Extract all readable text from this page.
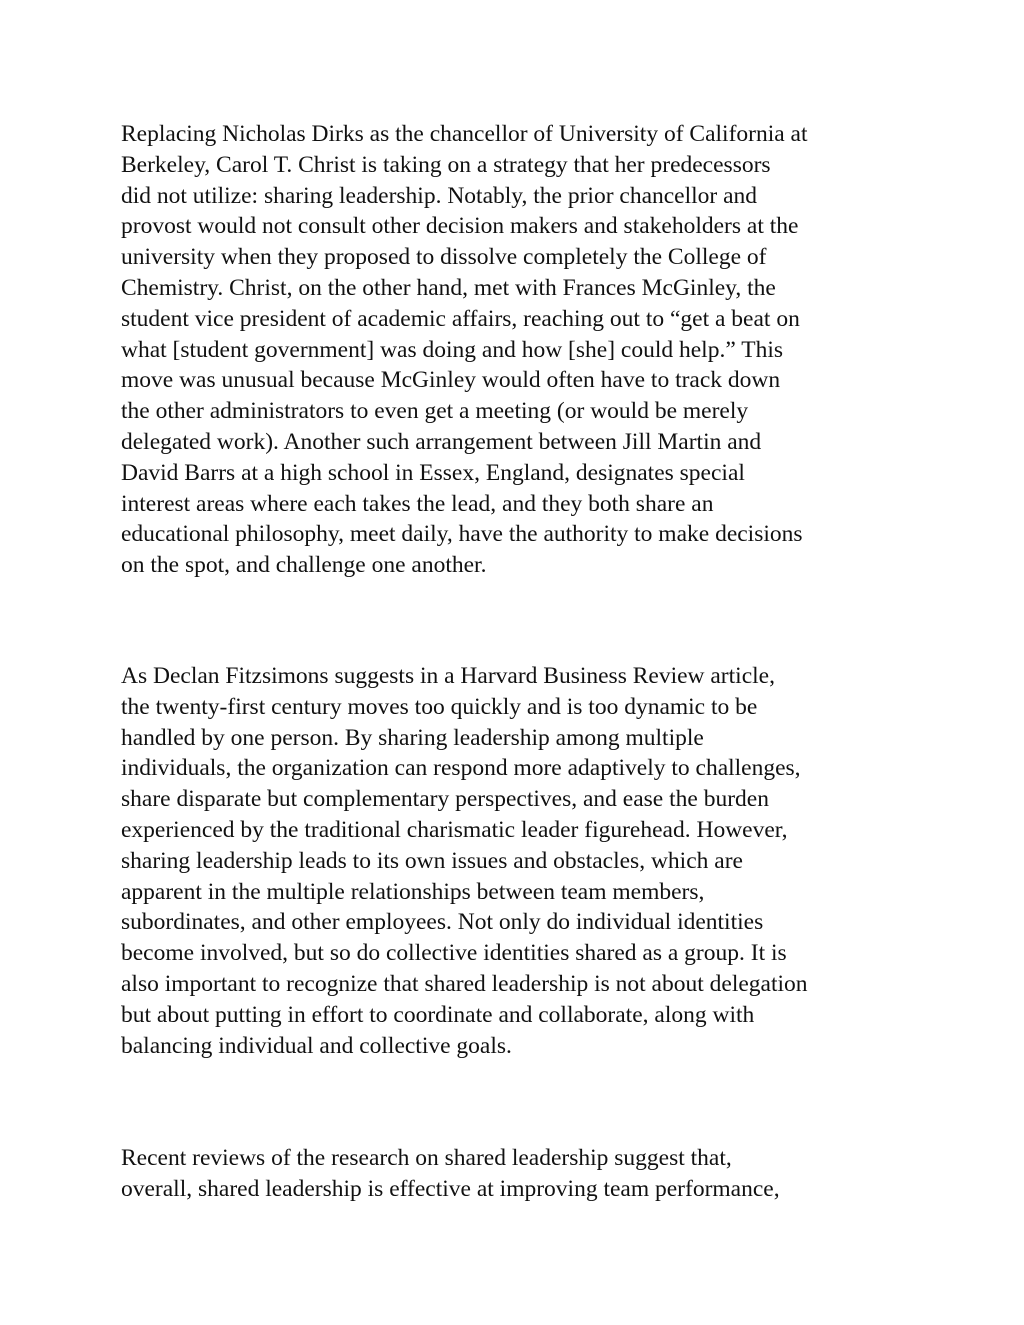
Replacing Nicholas Dirks as the chancellor of University of California at
Berkeley, Carol T. Christ is taking on a strategy that her predecessors
did not utilize: sharing leadership. Notably, the prior chancellor and
provost would not consult other decision makers and stakeholders at the
university when they proposed to dissolve completely the College of
Chemistry. Christ, on the other hand, met with Frances McGinley, the
student vice president of academic affairs, reaching out to “get a beat on
what [student government] was doing and how [she] could help.” This
move was unusual because McGinley would often have to track down
the other administrators to even get a meeting (or would be merely
delegated work). Another such arrangement between Jill Martin and
David Barrs at a high school in Essex, England, designates special
interest areas where each takes the lead, and they both share an
educational philosophy, meet daily, have the authority to make decisions
on the spot, and challenge one another.

As Declan Fitzsimons suggests in a Harvard Business Review article,
the twenty-first century moves too quickly and is too dynamic to be
handled by one person. By sharing leadership among multiple
individuals, the organization can respond more adaptively to challenges,
share disparate but complementary perspectives, and ease the burden
experienced by the traditional charismatic leader figurehead. However,
sharing leadership leads to its own issues and obstacles, which are
apparent in the multiple relationships between team members,
subordinates, and other employees. Not only do individual identities
become involved, but so do collective identities shared as a group. It is
also important to recognize that shared leadership is not about delegation
but about putting in effort to coordinate and collaborate, along with
balancing individual and collective goals.

Recent reviews of the research on shared leadership suggest that,
overall, shared leadership is effective at improving team performance,
